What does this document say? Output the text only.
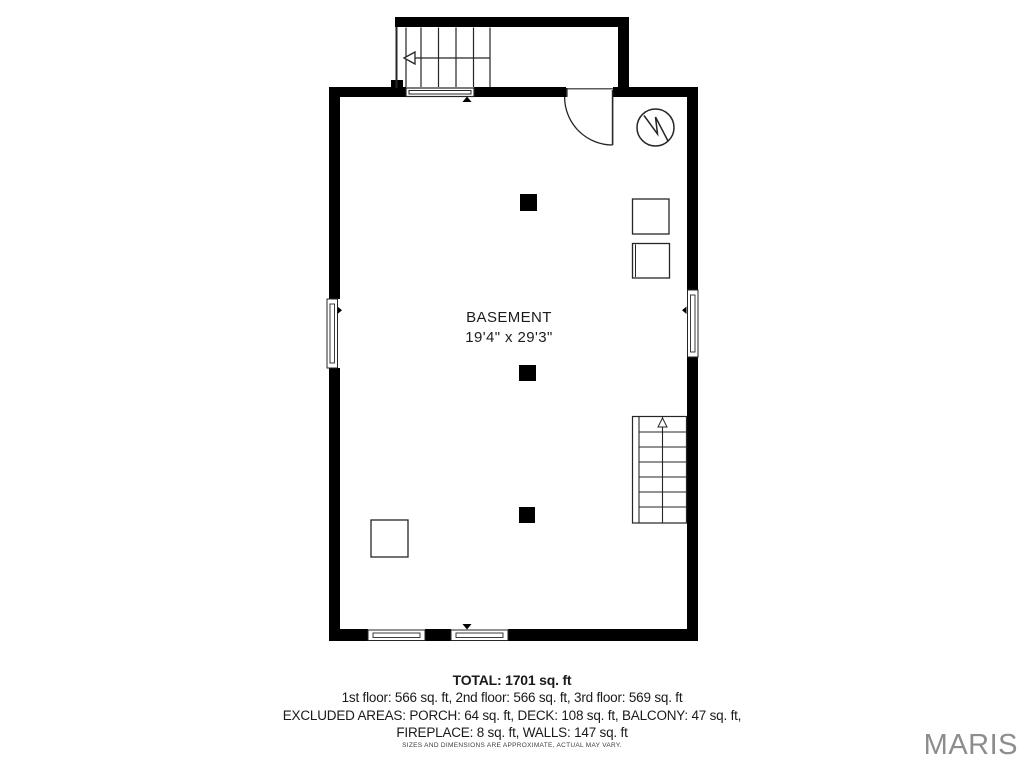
BASEMENT
19'4" x 29'3"
TOTAL: 1701 sq. ft
1st floor: 566 sq. ft, 2nd floor: 566 sq. ft, 3rd floor: 569 sq. ft
EXCLUDED AREAS: PORCH: 64 sq. ft, DECK: 108 sq. ft, BALCONY: 47 sq. ft,
FIREPLACE: 8 sq. ft, WALLS: 147 sq. ft
SIZES AND DIMENSIONS ARE APPROXIMATE, ACTUAL MAY VARY.	MARIS
